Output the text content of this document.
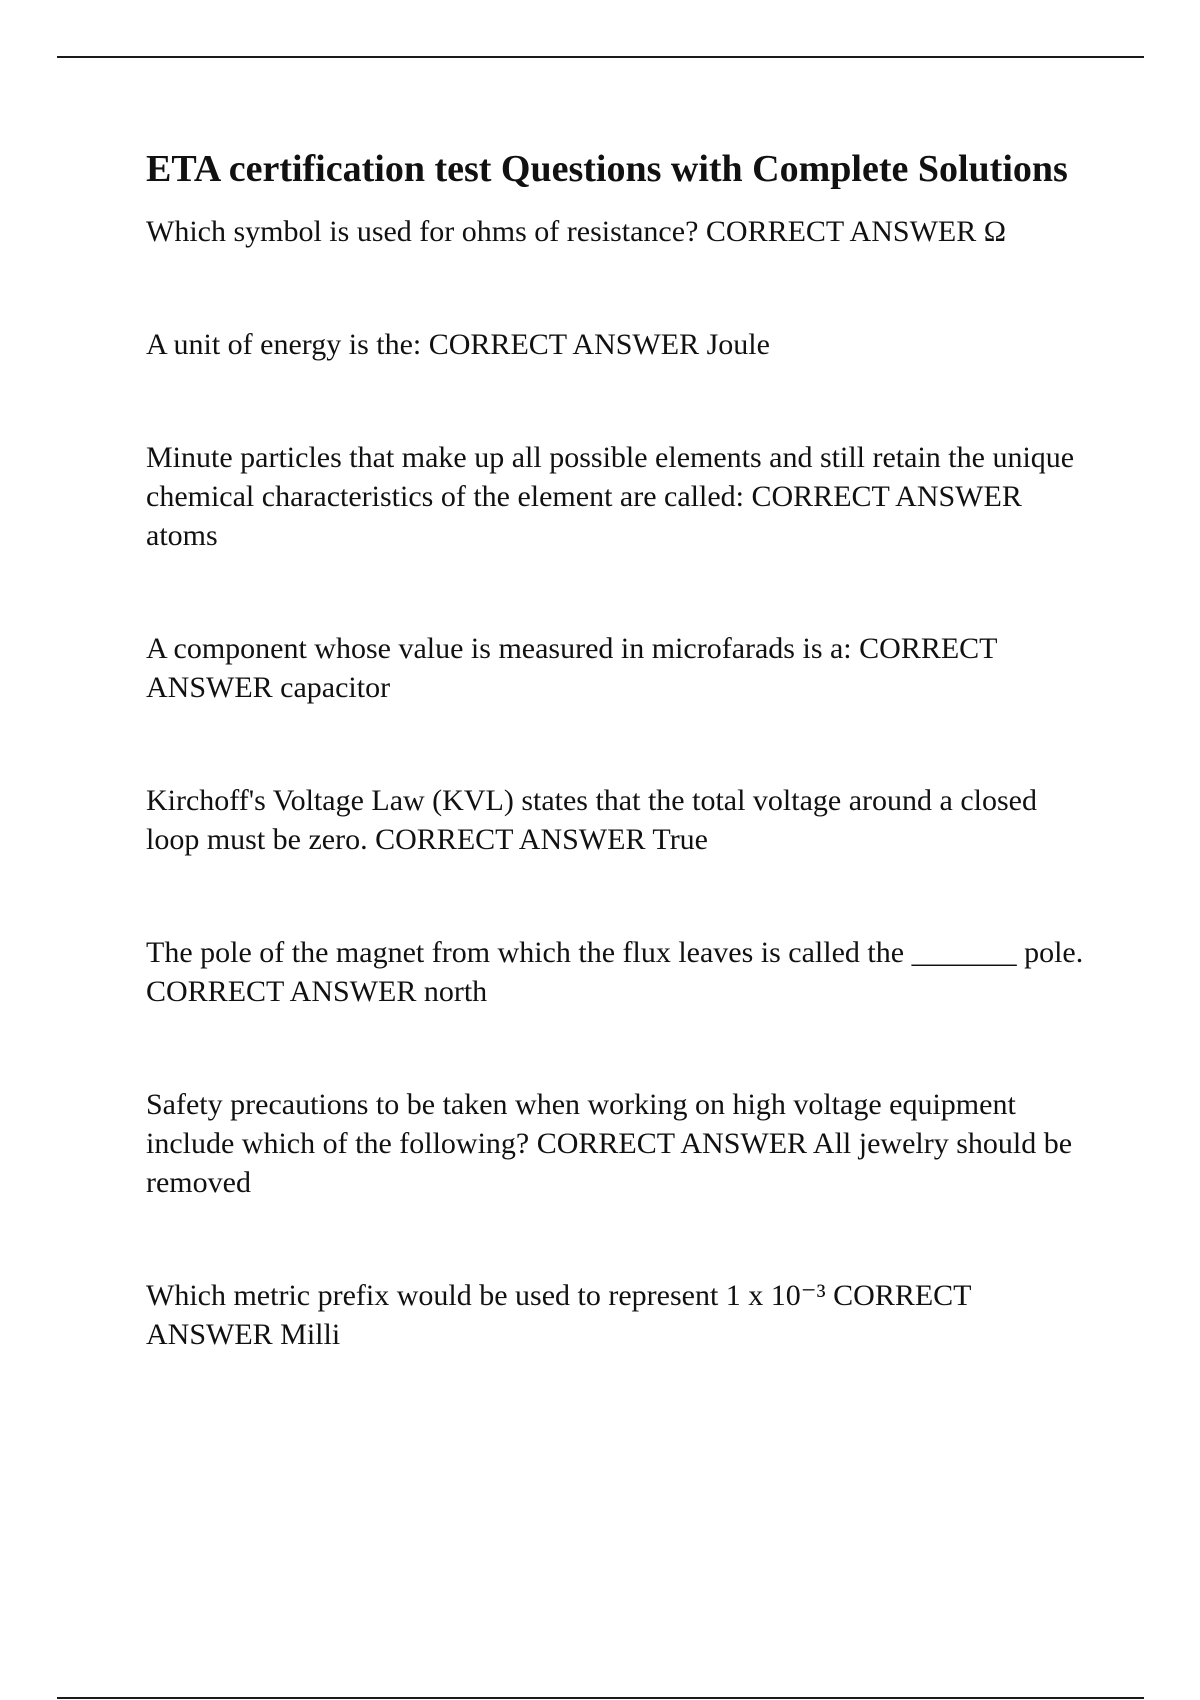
ETA certification test Questions with Complete Solutions

Which symbol is used for ohms of resistance? CORRECT ANSWER Ω

A unit of energy is the: CORRECT ANSWER Joule

Minute particles that make up all possible elements and still retain the unique chemical characteristics of the element are called: CORRECT ANSWER atoms

A component whose value is measured in microfarads is a: CORRECT ANSWER capacitor

Kirchoff's Voltage Law (KVL) states that the total voltage around a closed loop must be zero. CORRECT ANSWER True

The pole of the magnet from which the flux leaves is called the _______ pole. CORRECT ANSWER north

Safety precautions to be taken when working on high voltage equipment include which of the following? CORRECT ANSWER All jewelry should be removed

Which metric prefix would be used to represent 1 x 10⁻³ CORRECT ANSWER Milli
